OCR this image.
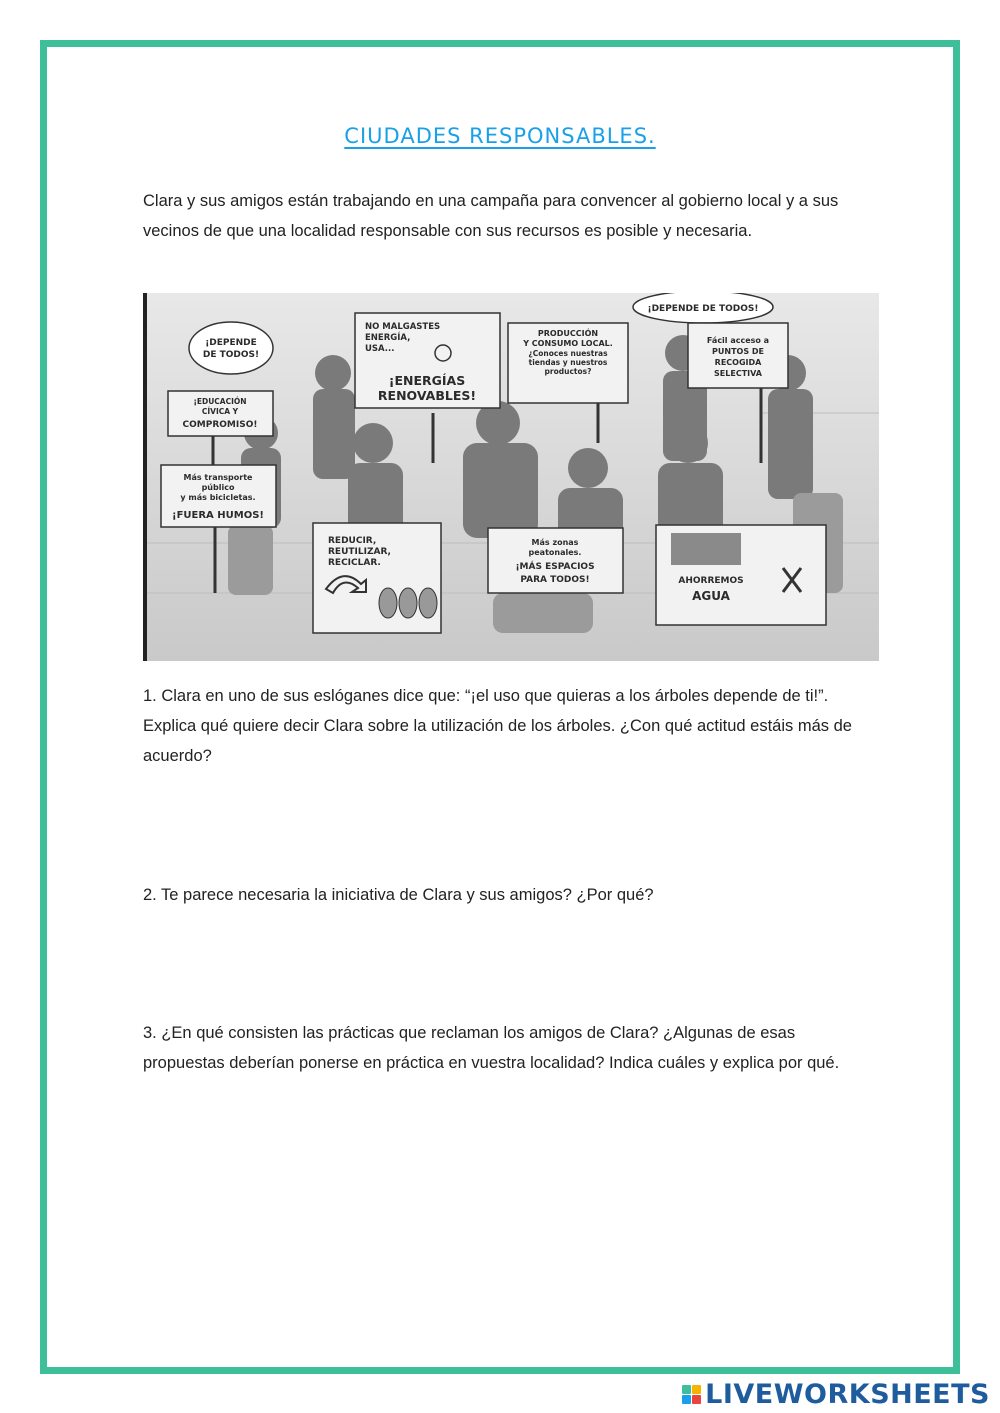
CIUDADES RESPONSABLES.
Clara y sus amigos están trabajando en una campaña para convencer al gobierno local y a sus vecinos de que una localidad responsable con sus recursos es posible y necesaria.
¡DEPENDE
DE TODOS!
¡DEPENDE DE TODOS!
NO MALGASTES
ENERGÍA,
USA...
¡ENERGÍAS
RENOVABLES!
PRODUCCIÓN
Y CONSUMO LOCAL.
¿Conoces nuestras
tiendas y nuestros
productos?
Fácil acceso a
PUNTOS DE
RECOGIDA
SELECTIVA
¡EDUCACIÓN
CÍVICA Y
COMPROMISO!
Más transporte
público
y más bicicletas.
¡FUERA HUMOS!
REDUCIR,
REUTILIZAR,
RECICLAR.
Más zonas
peatonales.
¡MÁS ESPACIOS
PARA TODOS!	AHORREMOS
AGUA
1. Clara en uno de sus eslóganes dice que: “¡el uso que quieras a los árboles depende de ti!”. Explica qué quiere decir Clara sobre la utilización de los árboles. ¿Con qué actitud estáis más de acuerdo?
2. Te parece necesaria la iniciativa de Clara y sus amigos? ¿Por qué?
3. ¿En qué consisten las prácticas que reclaman los amigos de Clara? ¿Algunas de esas propuestas deberían ponerse en práctica en vuestra localidad? Indica cuáles y explica por qué.
LIVEWORKSHEETS
